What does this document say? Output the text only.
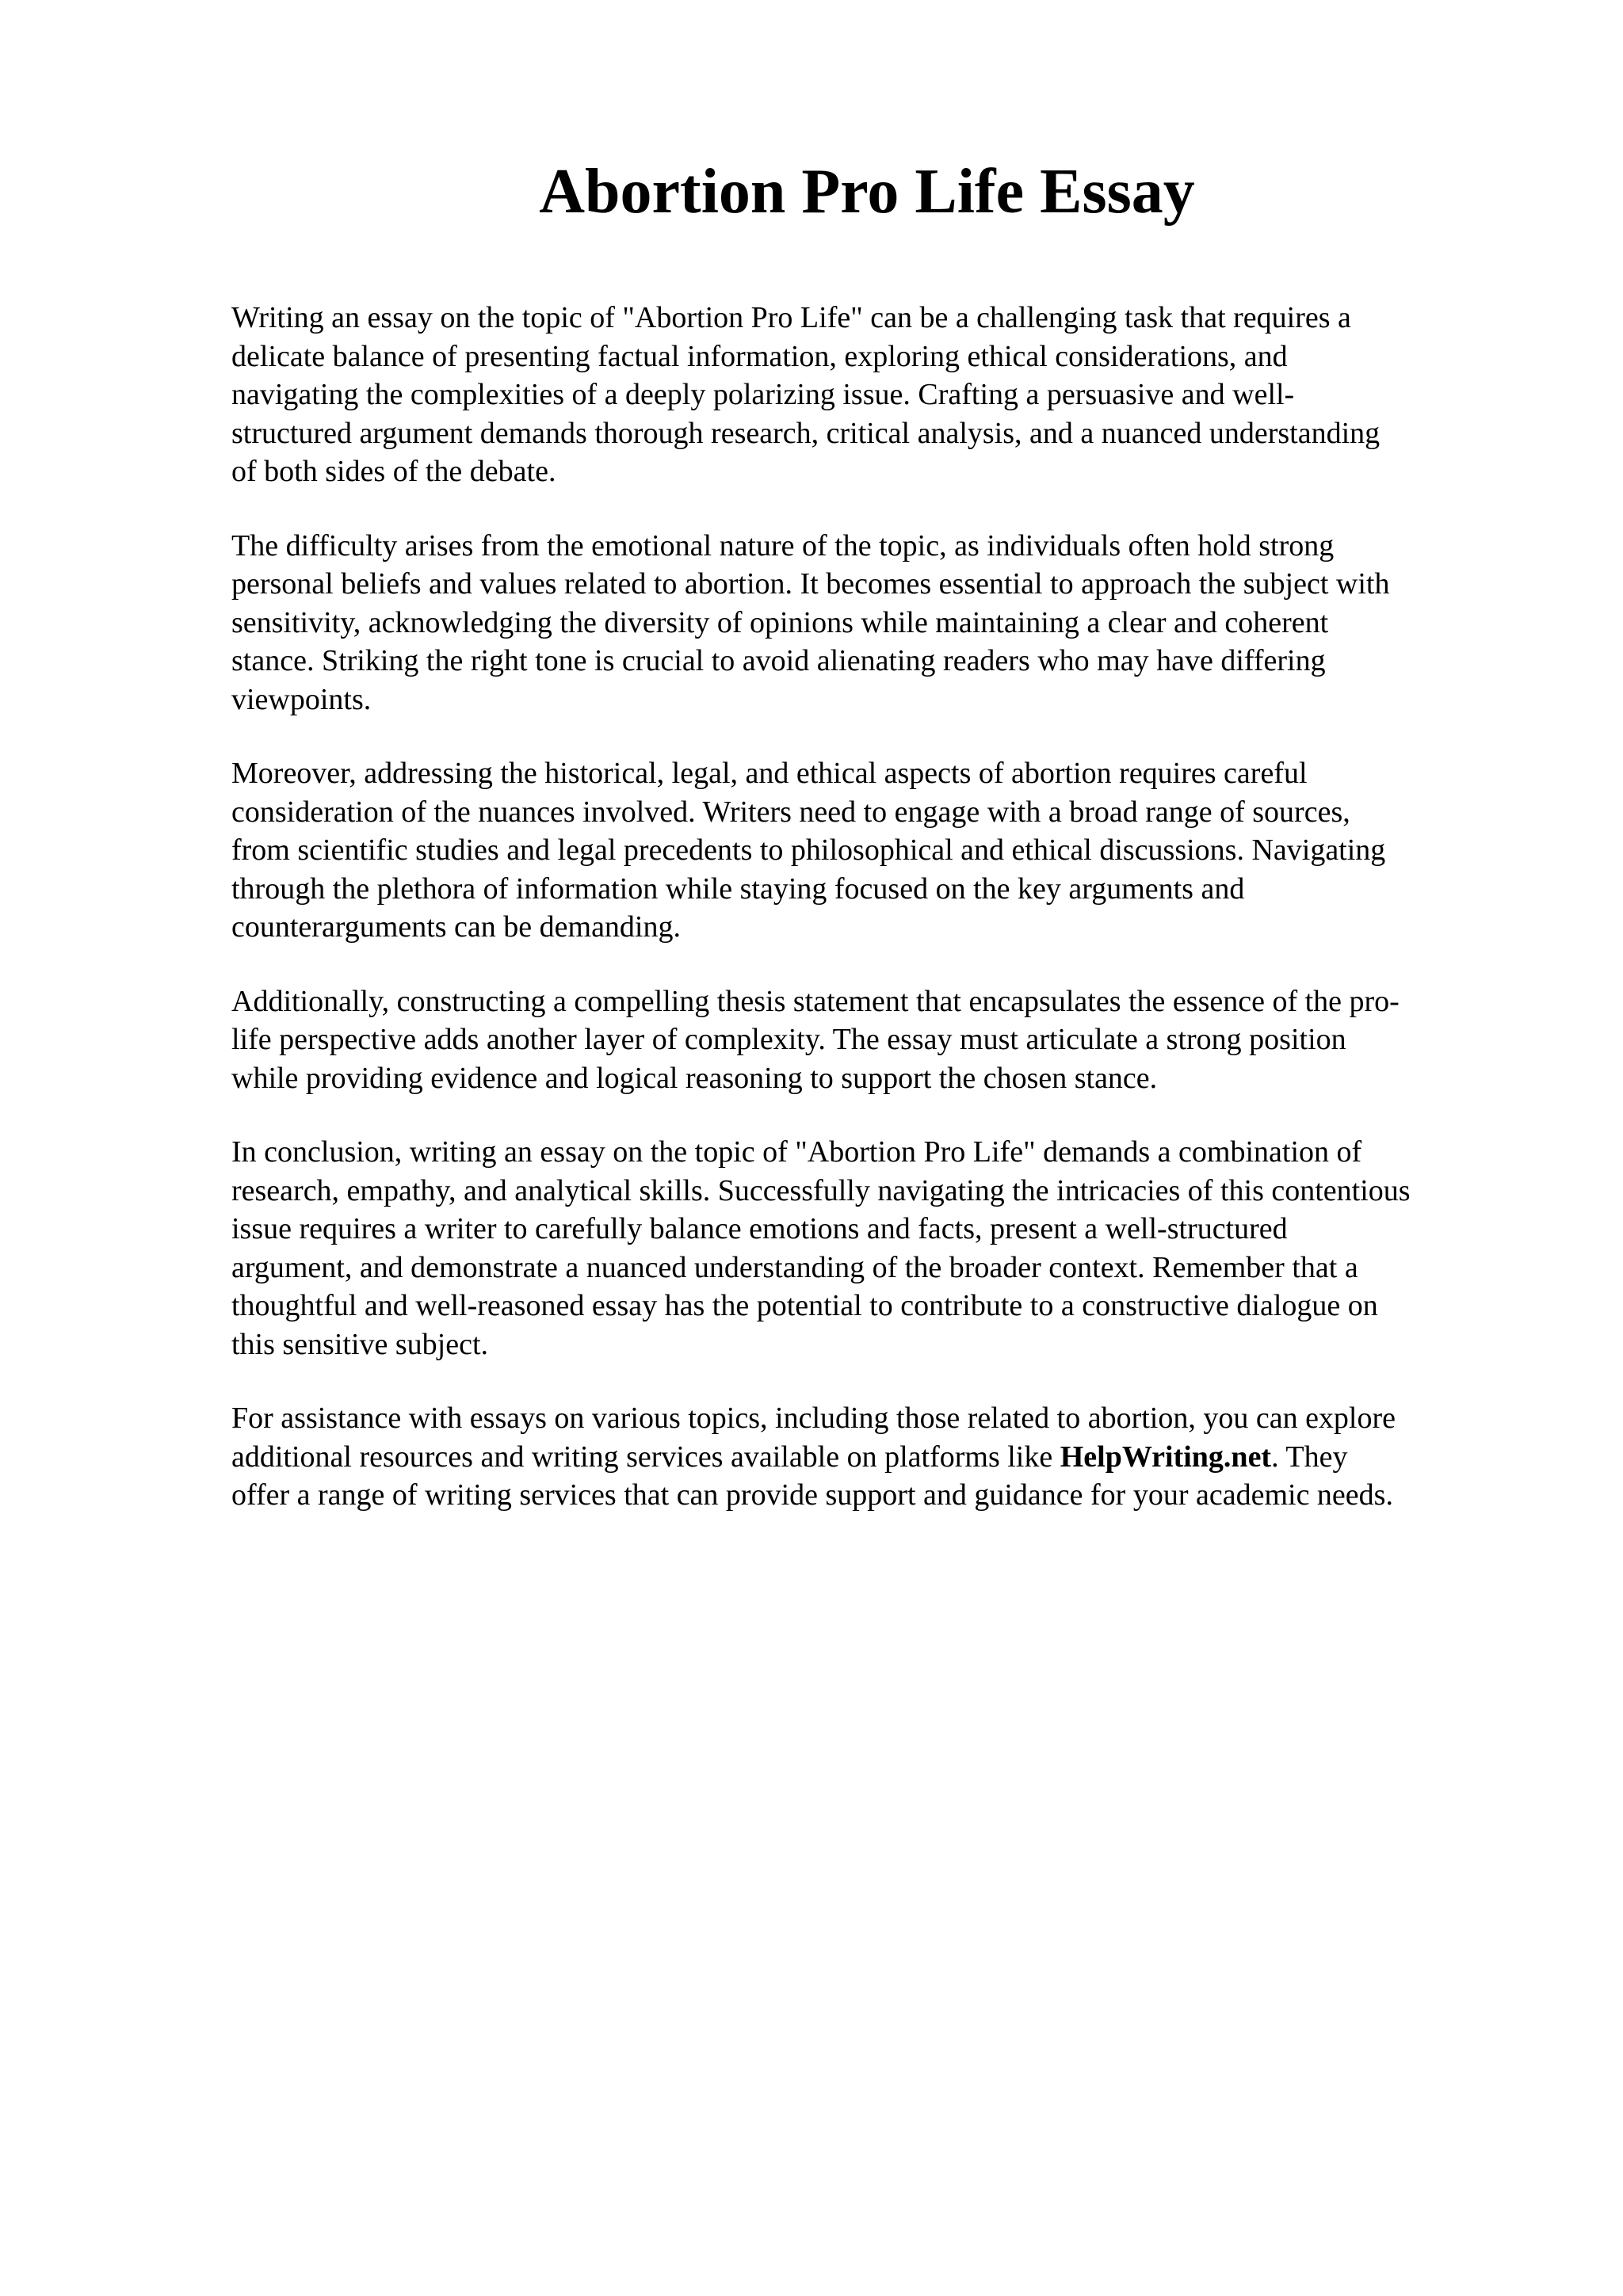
Abortion Pro Life Essay

Writing an essay on the topic of "Abortion Pro Life" can be a challenging task that requires a
delicate balance of presenting factual information, exploring ethical considerations, and
navigating the complexities of a deeply polarizing issue. Crafting a persuasive and well-
structured argument demands thorough research, critical analysis, and a nuanced understanding
of both sides of the debate.

The difficulty arises from the emotional nature of the topic, as individuals often hold strong
personal beliefs and values related to abortion. It becomes essential to approach the subject with
sensitivity, acknowledging the diversity of opinions while maintaining a clear and coherent
stance. Striking the right tone is crucial to avoid alienating readers who may have differing
viewpoints.

Moreover, addressing the historical, legal, and ethical aspects of abortion requires careful
consideration of the nuances involved. Writers need to engage with a broad range of sources,
from scientific studies and legal precedents to philosophical and ethical discussions. Navigating
through the plethora of information while staying focused on the key arguments and
counterarguments can be demanding.

Additionally, constructing a compelling thesis statement that encapsulates the essence of the pro-
life perspective adds another layer of complexity. The essay must articulate a strong position
while providing evidence and logical reasoning to support the chosen stance.

In conclusion, writing an essay on the topic of "Abortion Pro Life" demands a combination of
research, empathy, and analytical skills. Successfully navigating the intricacies of this contentious
issue requires a writer to carefully balance emotions and facts, present a well-structured
argument, and demonstrate a nuanced understanding of the broader context. Remember that a
thoughtful and well-reasoned essay has the potential to contribute to a constructive dialogue on
this sensitive subject.

For assistance with essays on various topics, including those related to abortion, you can explore
additional resources and writing services available on platforms like HelpWriting.net. They
offer a range of writing services that can provide support and guidance for your academic needs.
